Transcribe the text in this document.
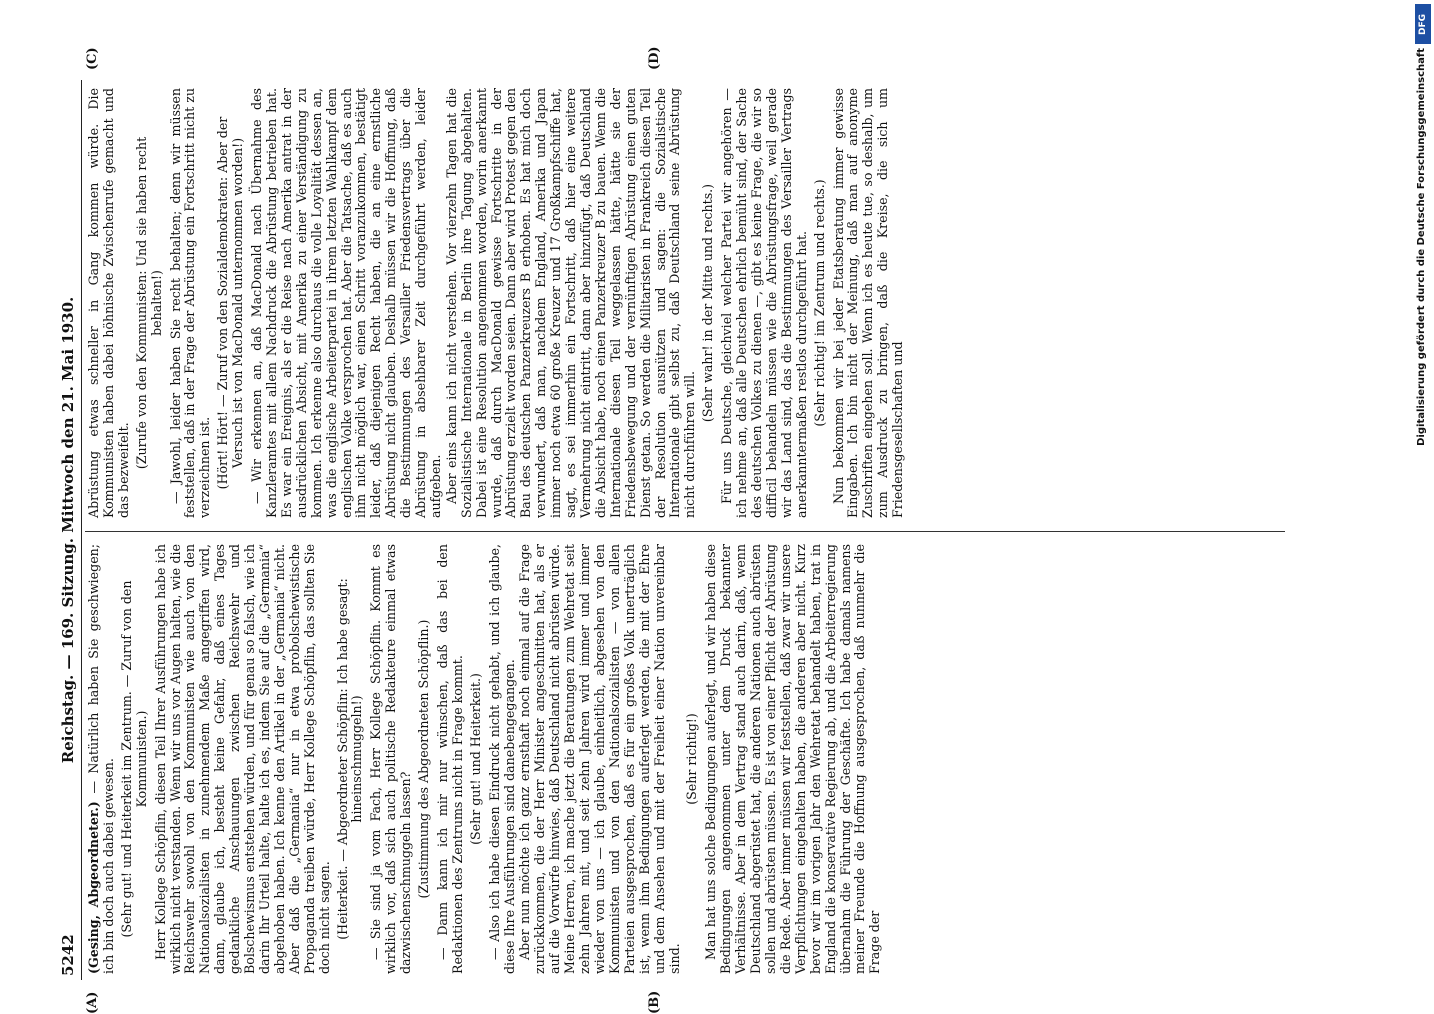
5242
Reichstag. — 169. Sitzung. Mittwoch den 21. Mai 1930.
(A)	(B)
(C)	(D)

(Gesing, Abgeordneter.) — Natürlich haben Sie geschwiegen; ich bin doch auch dabei gewesen. (Sehr gut! und Heiterkeit im Zentrum. — Zuruf von den Kommunisten.) Herr Kollege Schöpflin, diesen Teil Ihrer Ausführungen habe ich wirklich nicht verstanden. Wenn wir uns vor Augen halten, wie die Reichswehr sowohl von den Kommunisten wie auch von den Nationalsozialisten in zunehmendem Maße angegriffen wird, dann, glaube ich, besteht keine Gefahr, daß eines Tages gedankliche Anschauungen zwischen Reichswehr und Bolschewismus entstehen würden, und für genau so falsch, wie ich darin Ihr Urteil halte, halte ich es, indem Sie auf die „Germania“ abgehoben haben. Ich kenne den Artikel in der „Germania“ nicht. Aber daß die „Germania“ nur in etwa probolschewistische Propaganda treiben würde, Herr Kollege Schöpflin, das sollten Sie doch nicht sagen. (Heiterkeit. — Abgeordneter Schöpflin: Ich habe gesagt: hineinschmuggeln!) — Sie sind ja vom Fach, Herr Kollege Schöpflin. Kommt es wirklich vor, daß sich auch politische Redakteure einmal etwas dazwischenschmuggeln lassen? (Zustimmung des Abgeordneten Schöpflin.) — Dann kann ich mir nur wünschen, daß das bei den Redaktionen des Zentrums nicht in Frage kommt. (Sehr gut! und Heiterkeit.) — Also ich habe diesen Eindruck nicht gehabt, und ich glaube, diese Ihre Ausführungen sind danebengegangen. Aber nun möchte ich ganz ernsthaft noch einmal auf die Frage zurückkommen, die der Herr Minister angeschnitten hat, als er auf die Vorwürfe hinwies, daß Deutschland nicht abrüsten würde. Meine Herren, ich mache jetzt die Beratungen zum Wehretat seit zehn Jahren mit, und seit zehn Jahren wird immer und immer wieder von uns — ich glaube, einheitlich, abgesehen von den Kommunisten und von den Nationalsozialisten — von allen Parteien ausgesprochen, daß es für ein großes Volk unerträglich ist, wenn ihm Bedingungen auferlegt werden, die mit der Ehre und dem Ansehen und mit der Freiheit einer Nation unvereinbar sind.

(Sehr richtig!) Man hat uns solche Bedingungen auferlegt, und wir haben diese Bedingungen angenommen unter dem Druck bekannter Verhältnisse. Aber in dem Vertrag stand auch darin, daß, wenn Deutschland abgerüstet hat, die anderen Nationen auch abrüsten sollen und abrüsten müssen. Es ist von einer Pflicht der Abrüstung die Rede. Aber immer müssen wir feststellen, daß zwar wir unsere Verpflichtungen eingehalten haben, die anderen aber nicht. Kurz bevor wir im vorigen Jahr den Wehretat behandelt haben, trat in England die konservative Regierung ab, und die Arbeiterregierung übernahm die Führung der Geschäfte. Ich habe damals namens meiner Freunde die Hoffnung ausgesprochen, daß nunmehr die Frage der

Abrüstung etwas schneller in Gang kommen würde. Die Kommunisten haben dabei höhnische Zwischenrufe gemacht und das bezweifelt.

(Zurufe von den Kommunisten: Und sie haben recht behalten!) — Jawohl, leider haben Sie recht behalten; denn wir müssen feststellen, daß in der Frage der Abrüstung ein Fortschritt nicht zu verzeichnen ist. (Hört! Hört! — Zuruf von den Sozialdemokraten: Aber der Versuch ist von MacDonald unternommen worden!) — Wir erkennen an, daß MacDonald nach Übernahme des Kanzleramtes mit allem Nachdruck die Abrüstung betrieben hat. Es war ein Ereignis, als er die Reise nach Amerika antrat in der ausdrücklichen Absicht, mit Amerika zu einer Verständigung zu kommen. Ich erkenne also durchaus die volle Loyalität dessen an, was die englische Arbeiterpartei in ihrem letzten Wahlkampf dem englischen Volke versprochen hat. Aber die Tatsache, daß es auch ihm nicht möglich war, einen Schritt voranzukommen, bestätigt leider, daß diejenigen Recht haben, die an eine ernstliche Abrüstung nicht glauben. Deshalb müssen wir die Hoffnung, daß die Bestimmungen des Versailler Friedensvertrags über die Abrüstung in absehbarer Zeit durchgeführt werden, leider aufgeben. Aber eins kann ich nicht verstehen. Vor vierzehn Tagen hat die Sozialistische Internationale in Berlin ihre Tagung abgehalten. Dabei ist eine Resolution angenommen worden, worin anerkannt wurde, daß durch MacDonald gewisse Fortschritte in der Abrüstung erzielt worden seien. Dann aber wird Protest gegen den Bau des deutschen Panzerkreuzers B erhoben. Es hat mich doch verwundert, daß man, nachdem England, Amerika und Japan immer noch etwa 60 große Kreuzer und 17 Großkampfschiffe hat, sagt, es sei immerhin ein Fortschritt, daß hier eine weitere Vermehrung nicht eintritt, dann aber hinzufügt, daß Deutschland die Absicht habe, noch einen Panzerkreuzer B zu bauen. Wenn die Internationale diesen Teil weggelassen hätte, hätte sie der Friedensbewegung und der vernünftigen Abrüstung einen guten Dienst getan. So werden die Militaristen in Frankreich diesen Teil der Resolution ausnützen und sagen: die Sozialistische Internationale gibt selbst zu, daß Deutschland seine Abrüstung nicht durchführen will.

(Sehr wahr! in der Mitte und rechts.) Für uns Deutsche, gleichviel welcher Partei wir angehören — ich nehme an, daß alle Deutschen ehrlich bemüht sind, der Sache des deutschen Volkes zu dienen —, gibt es keine Frage, die wir so difficil behandeln müssen wie die Abrüstungsfrage, weil gerade wir das Land sind, das die Bestimmungen des Versailler Vertrags anerkanntermaßen restlos durchgeführt hat. (Sehr richtig! im Zentrum und rechts.) Nun bekommen wir bei jeder Etatsberatung immer gewisse Eingaben. Ich bin nicht der Meinung, daß man auf anonyme Zuschriften eingehen soll. Wenn ich es heute tue, so deshalb, um zum Ausdruck zu bringen, daß die Kreise, die sich um Friedensgesellschaften und

DFG
Digitalisierung gefördert durch die Deutsche Forschungsgemeinschaft
